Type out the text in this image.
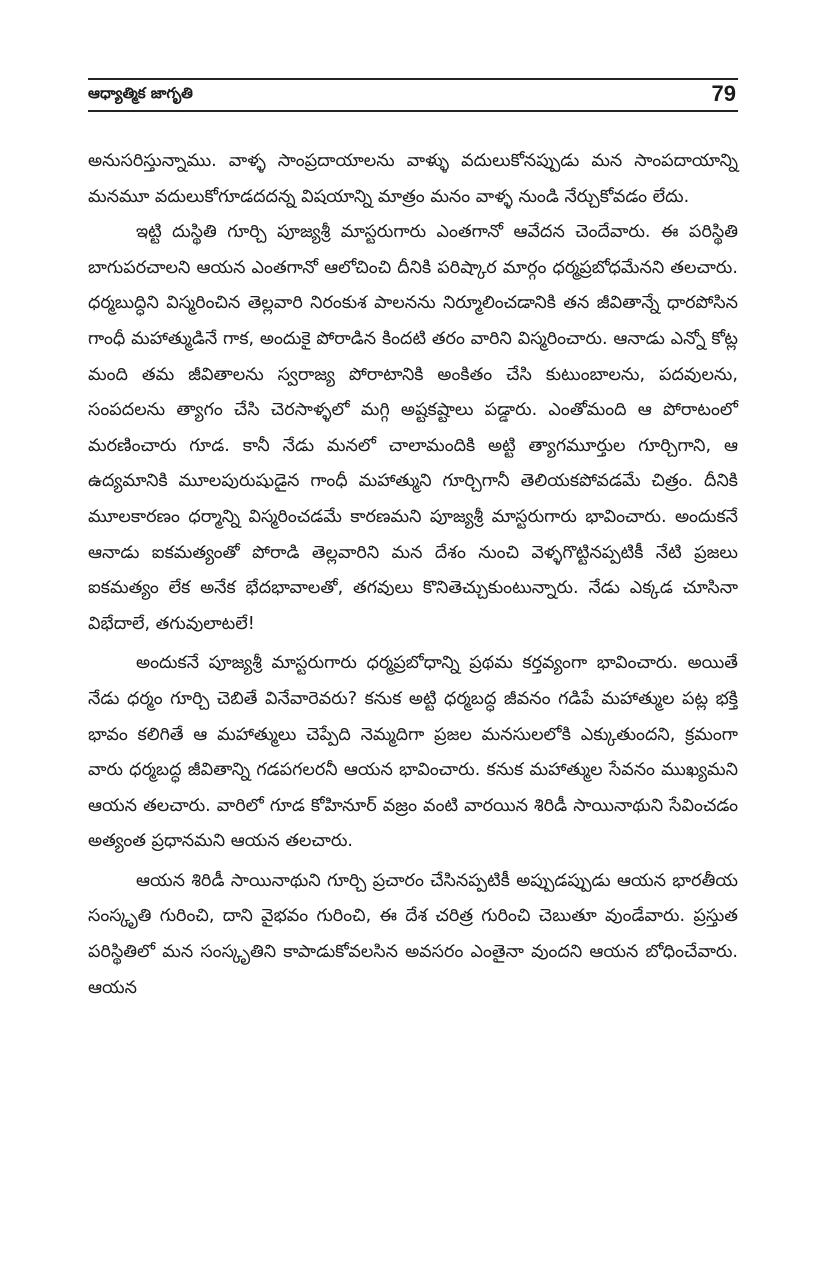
ఆధ్యాత్మిక జాగృతి	79

అనుసరిస్తున్నాము. వాళ్ళ సాంప్రదాయాలను వాళ్ళు వదులుకోనప్పుడు మన సాంపదాయాన్ని మనమూ వదులుకోగూడదదన్న విషయాన్ని మాత్రం మనం వాళ్ళ నుండి నేర్చుకోవడం లేదు.

ఇట్టి దుస్థితి గూర్చి పూజ్యశ్రీ మాస్టరుగారు ఎంతగానో ఆవేదన చెందేవారు. ఈ పరిస్థితి బాగుపరచాలని ఆయన ఎంతగానో ఆలోచించి దీనికి పరిష్కార మార్గం ధర్మప్రబోధమేనని తలచారు. ధర్మబుద్ధిని విస్మరించిన తెల్లవారి నిరంకుశ పాలనను నిర్మూలించడానికి తన జీవితాన్నే ధారపోసిన గాంధీ మహాత్ముడినే గాక, అందుకై పోరాడిన కిందటి తరం వారిని విస్మరించారు. ఆనాడు ఎన్నో కోట్ల మంది తమ జీవితాలను స్వరాజ్య పోరాటానికి అంకితం చేసి కుటుంబాలను, పదవులను, సంపదలను త్యాగం చేసి చెరసాళ్ళలో మగ్గి అష్టకష్టాలు పడ్డారు. ఎంతోమంది ఆ పోరాటంలో మరణించారు గూడ. కానీ నేడు మనలో చాలామందికి అట్టి త్యాగమూర్తుల గూర్చిగాని, ఆ ఉద్యమానికి మూలపురుషుడైన గాంధీ మహాత్ముని గూర్చిగానీ తెలియకపోవడమే చిత్రం. దీనికి మూలకారణం ధర్మాన్ని విస్మరించడమే కారణమని పూజ్యశ్రీ మాస్టరుగారు భావించారు. అందుకనే ఆనాడు ఐకమత్యంతో పోరాడి తెల్లవారిని మన దేశం నుంచి వెళ్ళగొట్టినప్పటికీ నేటి ప్రజలు ఐకమత్యం లేక అనేక భేదభావాలతో, తగవులు కొనితెచ్చుకుంటున్నారు. నేడు ఎక్కడ చూసినా విభేదాలే, తగువులాటలే!

అందుకనే పూజ్యశ్రీ మాస్టరుగారు ధర్మప్రబోధాన్ని ప్రథమ కర్తవ్యంగా భావించారు. అయితే నేడు ధర్మం గూర్చి చెబితే వినేవారెవరు? కనుక అట్టి ధర్మబద్ధ జీవనం గడిపే మహాత్ముల పట్ల భక్తి భావం కలిగితే ఆ మహాత్ములు చెప్పేది నెమ్మదిగా ప్రజల మనసులలోకి ఎక్కుతుందని, క్రమంగా వారు ధర్మబద్ధ జీవితాన్ని గడపగలరనీ ఆయన భావించారు. కనుక మహాత్ముల సేవనం ముఖ్యమని ఆయన తలచారు. వారిలో గూడ కోహినూర్ వజ్రం వంటి వారయిన శిరిడీ సాయినాథుని సేవించడం అత్యంత ప్రధానమని ఆయన తలచారు.

ఆయన శిరిడీ సాయినాథుని గూర్చి ప్రచారం చేసినప్పటికీ అప్పుడప్పుడు ఆయన భారతీయ సంస్కృతి గురించి, దాని వైభవం గురించి, ఈ దేశ చరిత్ర గురించి చెబుతూ వుండేవారు. ప్రస్తుత పరిస్థితిలో మన సంస్కృతిని కాపాడుకోవలసిన అవసరం ఎంతైనా వుందని ఆయన బోధించేవారు. ఆయన
